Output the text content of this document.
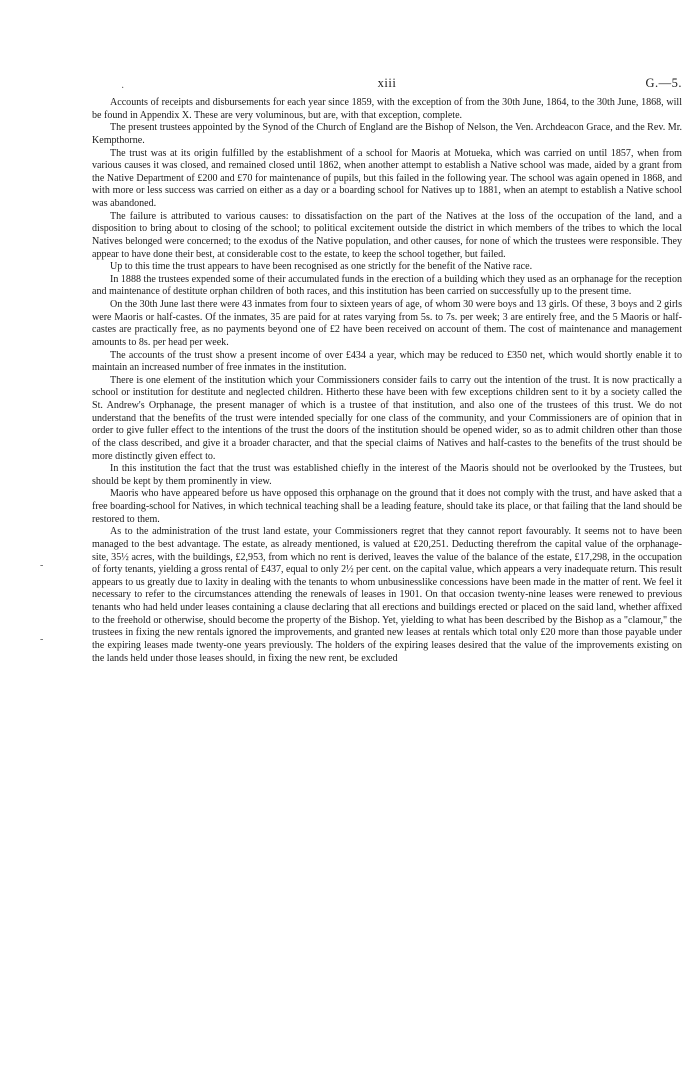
·
-
-
xiii	G.—5.

Accounts of receipts and disbursements for each year since 1859, with the exception of from the 30th June, 1864, to the 30th June, 1868, will be found in Appendix X. These are very voluminous, but are, with that exception, complete.

The present trustees appointed by the Synod of the Church of England are the Bishop of Nelson, the Ven. Archdeacon Grace, and the Rev. Mr. Kempthorne.

The trust was at its origin fulfilled by the establishment of a school for Maoris at Motueka, which was carried on until 1857, when from various causes it was closed, and remained closed until 1862, when another attempt to establish a Native school was made, aided by a grant from the Native Department of £200 and £70 for maintenance of pupils, but this failed in the following year. The school was again opened in 1868, and with more or less success was carried on either as a day or a boarding school for Natives up to 1881, when an atempt to establish a Native school was abandoned.

The failure is attributed to various causes: to dissatisfaction on the part of the Natives at the loss of the occupation of the land, and a disposition to bring about to closing of the school; to political excitement outside the district in which members of the tribes to which the local Natives belonged were concerned; to the exodus of the Native population, and other causes, for none of which the trustees were responsible. They appear to have done their best, at considerable cost to the estate, to keep the school together, but failed.

Up to this time the trust appears to have been recognised as one strictly for the benefit of the Native race.

In 1888 the trustees expended some of their accumulated funds in the erection of a building which they used as an orphanage for the reception and maintenance of destitute orphan children of both races, and this institution has been carried on successfully up to the present time.

On the 30th June last there were 43 inmates from four to sixteen years of age, of whom 30 were boys and 13 girls. Of these, 3 boys and 2 girls were Maoris or half-castes. Of the inmates, 35 are paid for at rates varying from 5s. to 7s. per week; 3 are entirely free, and the 5 Maoris or half-castes are practically free, as no payments beyond one of £2 have been received on account of them. The cost of maintenance and management amounts to 8s. per head per week.

The accounts of the trust show a present income of over £434 a year, which may be reduced to £350 net, which would shortly enable it to maintain an increased number of free inmates in the institution.

There is one element of the institution which your Commissioners consider fails to carry out the intention of the trust. It is now practically a school or institution for destitute and neglected children. Hitherto these have been with few exceptions children sent to it by a society called the St. Andrew's Orphanage, the present manager of which is a trustee of that institution, and also one of the trustees of this trust. We do not understand that the benefits of the trust were intended specially for one class of the community, and your Commissioners are of opinion that in order to give fuller effect to the intentions of the trust the doors of the institution should be opened wider, so as to admit children other than those of the class described, and give it a broader character, and that the special claims of Natives and half-castes to the benefits of the trust should be more distinctly given effect to.

In this institution the fact that the trust was established chiefly in the interest of the Maoris should not be overlooked by the Trustees, but should be kept by them prominently in view.

Maoris who have appeared before us have opposed this orphanage on the ground that it does not comply with the trust, and have asked that a free boarding-school for Natives, in which technical teaching shall be a leading feature, should take its place, or that failing that the land should be restored to them.

As to the administration of the trust land estate, your Commissioners regret that they cannot report favourably. It seems not to have been managed to the best advantage. The estate, as already mentioned, is valued at £20,251. Deducting therefrom the capital value of the orphanage-site, 35½ acres, with the buildings, £2,953, from which no rent is derived, leaves the value of the balance of the estate, £17,298, in the occupation of forty tenants, yielding a gross rental of £437, equal to only 2½ per cent. on the capital value, which appears a very inadequate return. This result appears to us greatly due to laxity in dealing with the tenants to whom unbusinesslike concessions have been made in the matter of rent. We feel it necessary to refer to the circumstances attending the renewals of leases in 1901. On that occasion twenty-nine leases were renewed to previous tenants who had held under leases containing a clause declaring that all erections and buildings erected or placed on the said land, whether affixed to the freehold or otherwise, should become the property of the Bishop. Yet, yielding to what has been described by the Bishop as a "clamour," the trustees in fixing the new rentals ignored the improvements, and granted new leases at rentals which total only £20 more than those payable under the expiring leases made twenty-one years previously. The holders of the expiring leases desired that the value of the improvements existing on the lands held under those leases should, in fixing the new rent, be excluded
